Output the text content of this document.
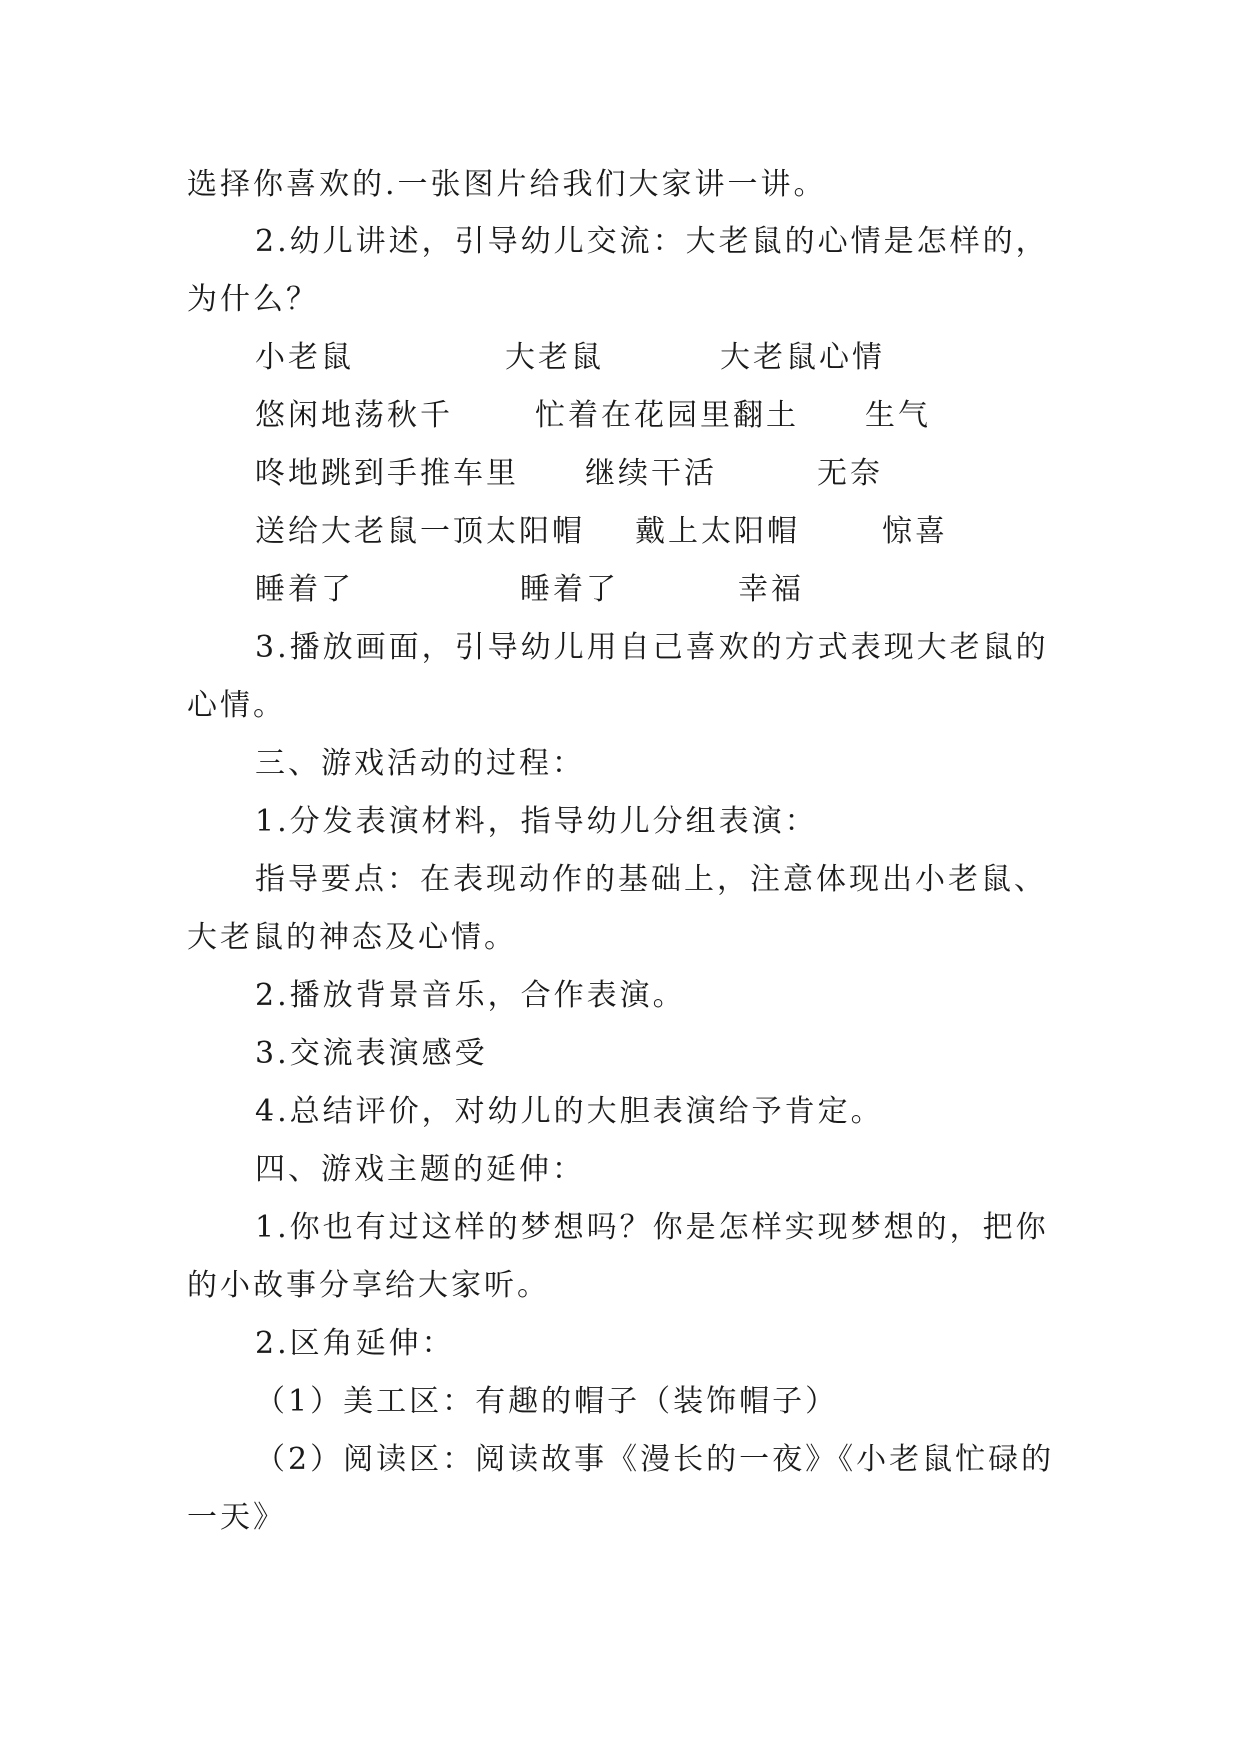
选择你喜欢的.一张图片给我们大家讲一讲。
2.幼儿讲述，引导幼儿交流：大老鼠的心情是怎样的，
为什么？
小老鼠	大老鼠	大老鼠心情
悠闲地荡秋千	忙着在花园里翻土 生气
咚地跳到手推车里 继续干活	无奈
送给大老鼠一顶太阳帽 戴上太阳帽	惊喜
睡着了	睡着了	幸福
3.播放画面，引导幼儿用自己喜欢的方式表现大老鼠的
心情。
三、游戏活动的过程：
1.分发表演材料，指导幼儿分组表演：
指导要点：在表现动作的基础上，注意体现出小老鼠、
大老鼠的神态及心情。
2.播放背景音乐，合作表演。
3.交流表演感受
4.总结评价，对幼儿的大胆表演给予肯定。
四、游戏主题的延伸：
1.你也有过这样的梦想吗？你是怎样实现梦想的，把你
的小故事分享给大家听。
2.区角延伸：
（1）美工区：有趣的帽子（装饰帽子）
（2）阅读区：阅读故事《漫长的一夜》《小老鼠忙碌的
一天》
